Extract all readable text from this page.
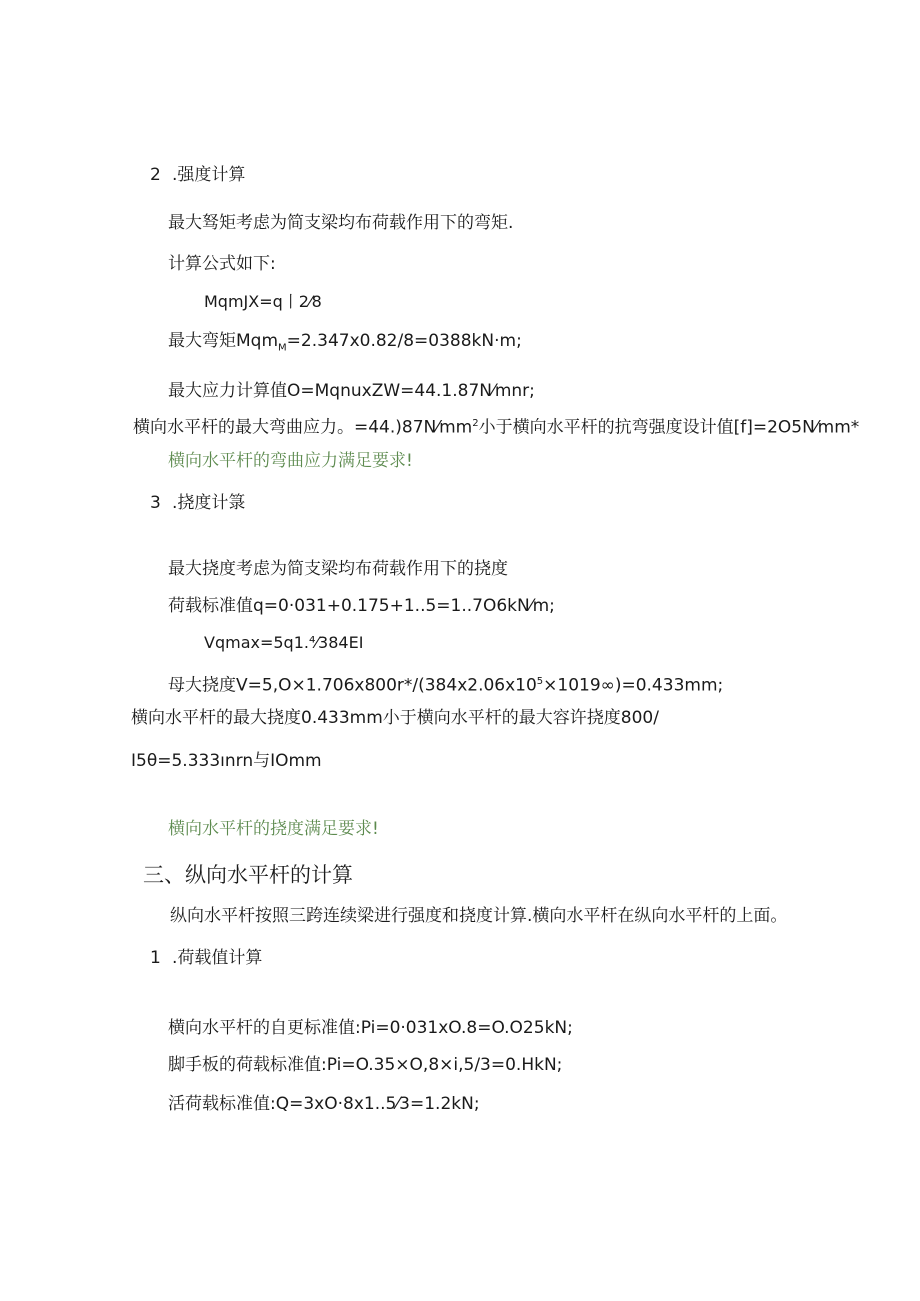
2 .强度计算
最大驽矩考虑为简支梁均布荷载作用下的弯矩.
计算公式如下:
MqmJX=q丨2⁄8
最大弯矩Mqm$_M$=2.347x0.82/8=0388kN·m;
最大应力计算值O=MqnuxZW=44.1.87N⁄mnr;
横向水平杆的最大弯曲应力。$=44.)87N⁄mm^2$小于横向水平杆的抗弯强度设计值[f]=2O5N⁄mm*
横向水平杆的弯曲应力满足要求!
3 .挠度计箓
最大挠度考虑为简支梁均布荷载作用下的挠度
荷载标准值q=0·031+0.175+1..5=1..7O6kN⁄m;
Vqmax=5q1.⁴⁄384EI
母大挠度$V=5,O\times 1.706x800r*/(384x2.06x10^5\times 1019\infty)=0.433mm$;
横向水平杆的最大挠度0.433mm小于横向水平杆的最大容许挠度800/
I5θ=5.333ınrn与IOmm
横向水平杆的挠度满足要求!
三、纵向水平杆的计算
纵向水平杆按照三跨连续梁进行强度和挠度计算.横向水平杆在纵向水平杆的上面。
1 .荷载值计算
横向水平杆的自更标准值:Pi=0·031xO.8=O.O25kN;
脚手板的荷载标准值:Pi=O.35×O,8×i,5/3=0.HkN;
活荷载标准值:Q=3xO·8x1..5⁄3=1.2kN;
